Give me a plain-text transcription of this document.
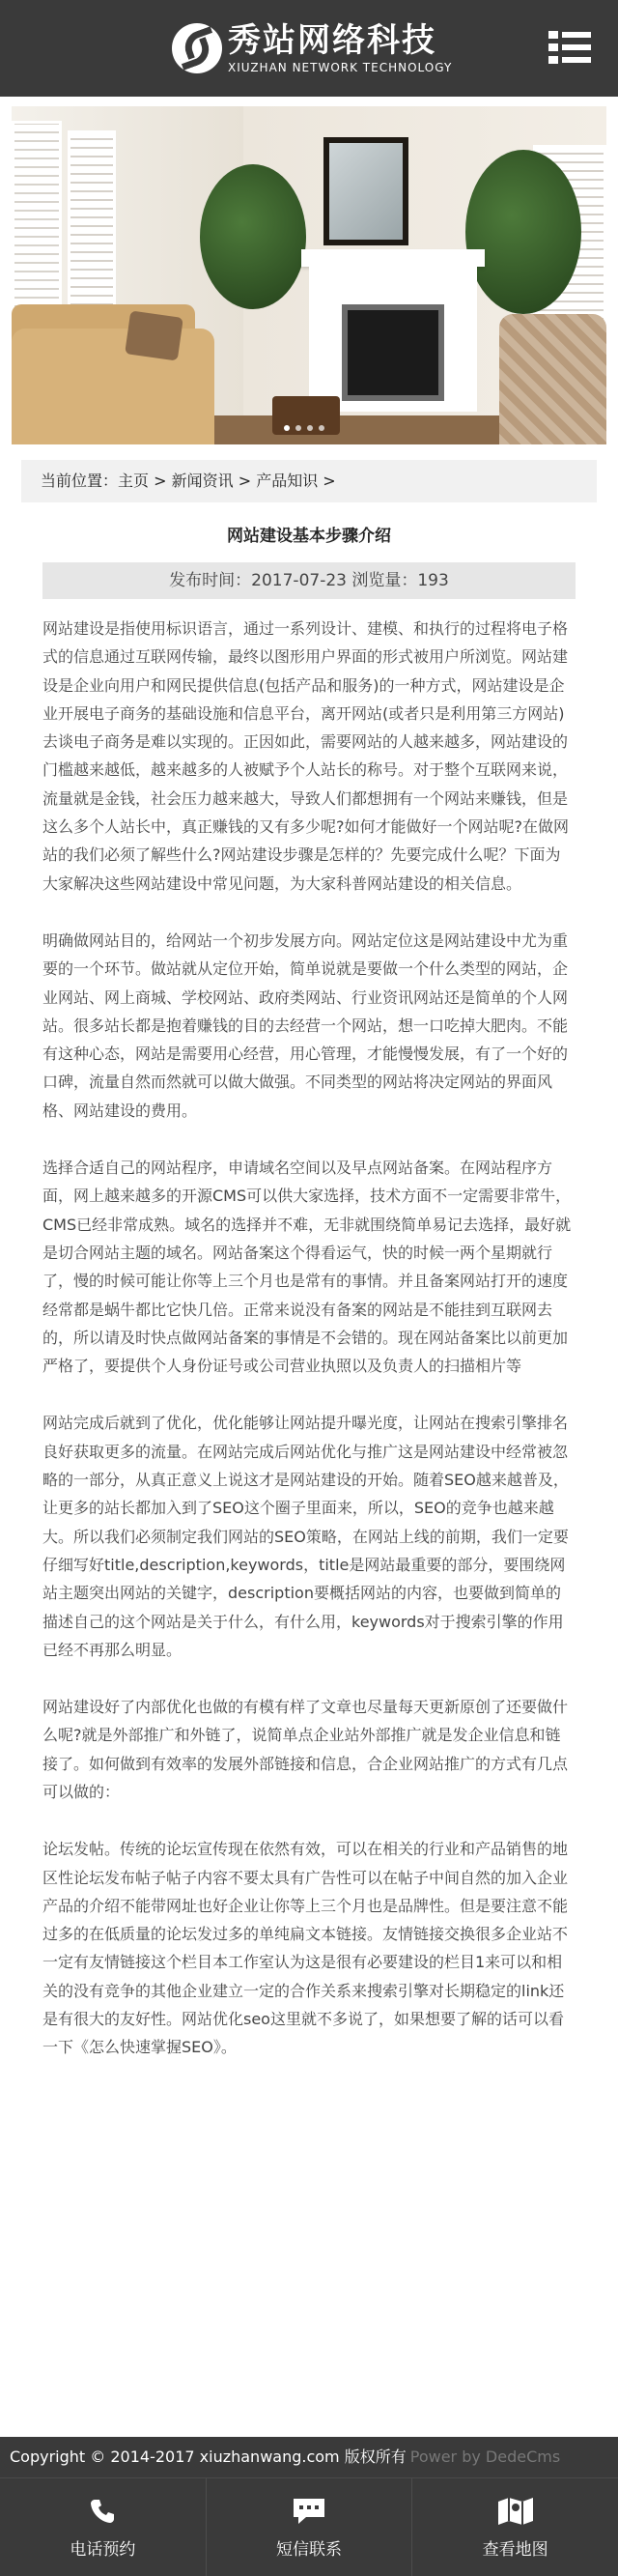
秀站网络科技
XIUZHAN NETWORK TECHNOLOGY
当前位置：主页 > 新闻资讯 > 产品知识 >
网站建设基本步骤介绍
发布时间：2017-07-23 浏览量：193

网站建设是指使用标识语言，通过一系列设计、建模、和执行的过程将电子格式的信息通过互联网传输，最终以图形用户界面的形式被用户所浏览。网站建设是企业向用户和网民提供信息(包括产品和服务)的一种方式，网站建设是企业开展电子商务的基础设施和信息平台，离开网站(或者只是利用第三方网站)去谈电子商务是难以实现的。正因如此，需要网站的人越来越多，网站建设的门槛越来越低，越来越多的人被赋予个人站长的称号。对于整个互联网来说，流量就是金钱，社会压力越来越大，导致人们都想拥有一个网站来赚钱，但是这么多个人站长中，真正赚钱的又有多少呢?如何才能做好一个网站呢?在做网站的我们必须了解些什么?网站建设步骤是怎样的？先要完成什么呢？下面为大家解决这些网站建设中常见问题，为大家科普网站建设的相关信息。

明确做网站目的，给网站一个初步发展方向。网站定位这是网站建设中尤为重要的一个环节。做站就从定位开始，简单说就是要做一个什么类型的网站，企业网站、网上商城、学校网站、政府类网站、行业资讯网站还是简单的个人网站。很多站长都是抱着赚钱的目的去经营一个网站，想一口吃掉大肥肉。不能有这种心态，网站是需要用心经营，用心管理，才能慢慢发展，有了一个好的口碑，流量自然而然就可以做大做强。不同类型的网站将决定网站的界面风格、网站建设的费用。

选择合适自己的网站程序，申请域名空间以及早点网站备案。在网站程序方面，网上越来越多的开源CMS可以供大家选择，技术方面不一定需要非常牛，CMS已经非常成熟。域名的选择并不难，无非就围绕简单易记去选择，最好就是切合网站主题的域名。网站备案这个得看运气，快的时候一两个星期就行了，慢的时候可能让你等上三个月也是常有的事情。并且备案网站打开的速度经常都是蜗牛都比它快几倍。正常来说没有备案的网站是不能挂到互联网去的，所以请及时快点做网站备案的事情是不会错的。现在网站备案比以前更加严格了，要提供个人身份证号或公司营业执照以及负责人的扫描相片等

网站完成后就到了优化，优化能够让网站提升曝光度，让网站在搜索引擎排名良好获取更多的流量。在网站完成后网站优化与推广这是网站建设中经常被忽略的一部分，从真正意义上说这才是网站建设的开始。随着SEO越来越普及，让更多的站长都加入到了SEO这个圈子里面来，所以，SEO的竞争也越来越大。所以我们必须制定我们网站的SEO策略，在网站上线的前期，我们一定要仔细写好title,description,keywords，title是网站最重要的部分，要围绕网站主题突出网站的关键字，description要概括网站的内容，也要做到简单的描述自己的这个网站是关于什么，有什么用，keywords对于搜索引擎的作用已经不再那么明显。

网站建设好了内部优化也做的有模有样了文章也尽量每天更新原创了还要做什么呢?就是外部推广和外链了，说简单点企业站外部推广就是发企业信息和链接了。如何做到有效率的发展外部链接和信息，合企业网站推广的方式有几点可以做的：

论坛发帖。传统的论坛宣传现在依然有效，可以在相关的行业和产品销售的地区性论坛发布帖子帖子内容不要太具有广告性可以在帖子中间自然的加入企业产品的介绍不能带网址也好企业让你等上三个月也是品牌性。但是要注意不能过多的在低质量的论坛发过多的单纯扁文本链接。友情链接交换很多企业站不一定有友情链接这个栏目本工作室认为这是很有必要建设的栏目1来可以和相关的没有竞争的其他企业建立一定的合作关系来搜索引擎对长期稳定的link还是有很大的友好性。网站优化seo这里就不多说了，如果想要了解的话可以看一下《怎么快速掌握SEO》。

Copyright © 2014-2017 xiuzhanwang.com 版权所有 Power by DedeCms
电话预约	短信联系	查看地图
